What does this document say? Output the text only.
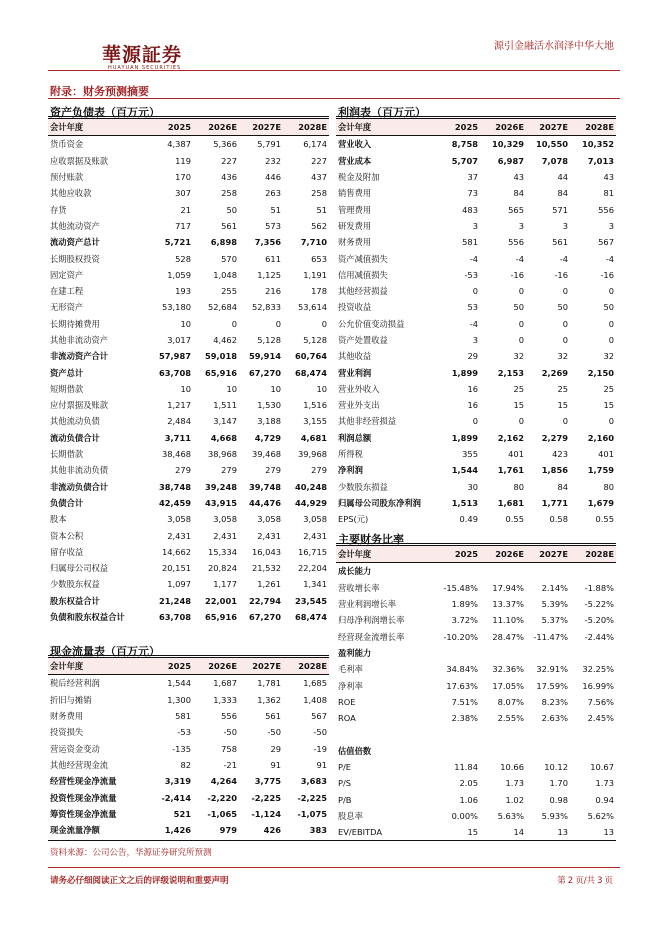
華源証券
HUAYUAN SECURITIES
源引金融活水润泽中华大地
附录：财务预测摘要
资产负债表（百万元）	利润表（百万元）
主要财务比率
现金流量表（百万元）
会计年度	2025	2026E	2027E	2028E
货币资金	4,387	5,366	5,791	6,174
应收票据及账款	119	227	232	227
预付账款	170	436	446	437
其他应收款	307	258	263	258
存货	21	50	51	51
其他流动资产	717	561	573	562
流动资产总计	5,721	6,898	7,356	7,710
长期股权投资	528	570	611	653
固定资产	1,059	1,048	1,125	1,191
在建工程	193	255	216	178
无形资产	53,180	52,684	52,833	53,614
长期待摊费用	10	0	0	0
其他非流动资产	3,017	4,462	5,128	5,128
非流动资产合计	57,987	59,018	59,914	60,764
资产总计	63,708	65,916	67,270	68,474
短期借款	10	10	10	10
应付票据及账款	1,217	1,511	1,530	1,516
其他流动负债	2,484	3,147	3,188	3,155
流动负债合计	3,711	4,668	4,729	4,681
长期借款	38,468	38,968	39,468	39,968
其他非流动负债	279	279	279	279
非流动负债合计	38,748	39,248	39,748	40,248
负债合计	42,459	43,915	44,476	44,929
股本	3,058	3,058	3,058	3,058
资本公积	2,431	2,431	2,431	2,431
留存收益	14,662	15,334	16,043	16,715
归属母公司权益	20,151	20,824	21,532	22,204
少数股东权益	1,097	1,177	1,261	1,341
股东权益合计	21,248	22,001	22,794	23,545
负债和股东权益合计	63,708	65,916	67,270	68,474
会计年度	2025	2026E	2027E	2028E
营业收入	8,758	10,329	10,550	10,352
营业成本	5,707	6,987	7,078	7,013
税金及附加	37	43	44	43
销售费用	73	84	84	81
管理费用	483	565	571	556
研发费用	3	3	3	3
财务费用	581	556	561	567
资产减值损失	-4	-4	-4	-4
信用减值损失	-53	-16	-16	-16
其他经营损益	0	0	0	0
投资收益	53	50	50	50
公允价值变动损益	-4	0	0	0
资产处置收益	3	0	0	0
其他收益	29	32	32	32
营业利润	1,899	2,153	2,269	2,150
营业外收入	16	25	25	25
营业外支出	16	15	15	15
其他非经营损益	0	0	0	0
利润总额	1,899	2,162	2,279	2,160
所得税	355	401	423	401
净利润	1,544	1,761	1,856	1,759
少数股东损益	30	80	84	80
归属母公司股东净利润	1,513	1,681	1,771	1,679
EPS(元)	0.49	0.55	0.58	0.55
会计年度	2025	2026E	2027E	2028E
成长能力				
营收增长率	-15.48%	17.94%	2.14%	-1.88%
营业利润增长率	1.89%	13.37%	5.39%	-5.22%
归母净利润增长率	3.72%	11.10%	5.37%	-5.20%
经营现金流增长率	-10.20%	28.47%	-11.47%	-2.44%
盈利能力				
毛利率	34.84%	32.36%	32.91%	32.25%
净利率	17.63%	17.05%	17.59%	16.99%
ROE	7.51%	8.07%	8.23%	7.56%
ROA	2.38%	2.55%	2.63%	2.45%

估值倍数				
P/E	11.84	10.66	10.12	10.67
P/S	2.05	1.73	1.70	1.73
P/B	1.06	1.02	0.98	0.94
股息率	0.00%	5.63%	5.93%	5.62%
EV/EBITDA	15	14	13	13
会计年度	2025	2026E	2027E	2028E
税后经营利润	1,544	1,687	1,781	1,685
折旧与摊销	1,300	1,333	1,362	1,408
财务费用	581	556	561	567
投资损失	-53	-50	-50	-50
营运资金变动	-135	758	29	-19
其他经营现金流	82	-21	91	91
经营性现金净流量	3,319	4,264	3,775	3,683
投资性现金净流量	-2,414	-2,220	-2,225	-2,225
筹资性现金净流量	521	-1,065	-1,124	-1,075
现金流量净额	1,426	979	426	383
资料来源：公司公告，华源证券研究所预测
请务必仔细阅读正文之后的评级说明和重要声明	第 2 页/共 3 页
